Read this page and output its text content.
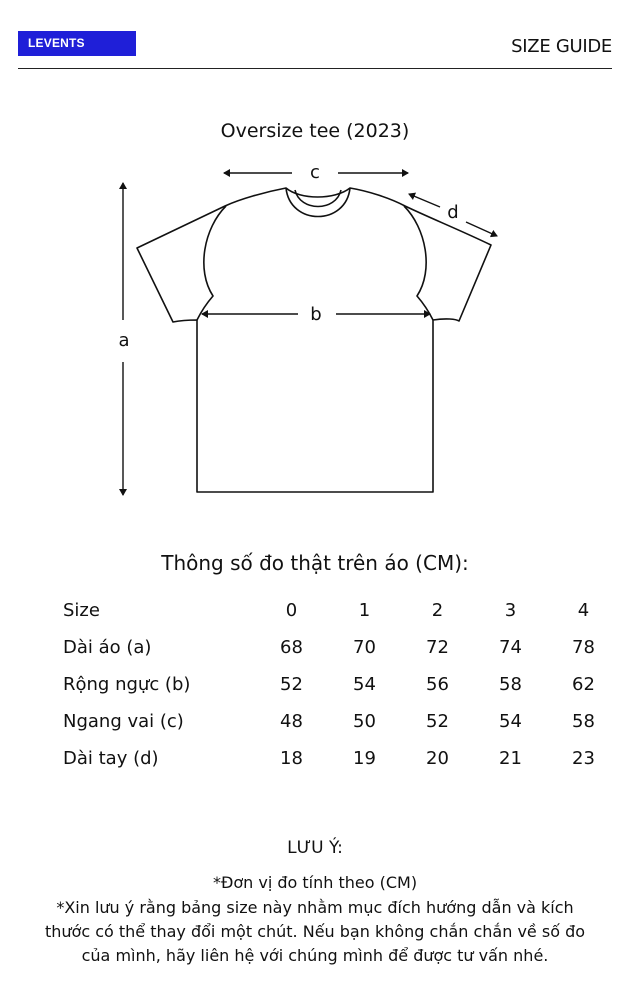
LEVENTS	SIZE GUIDE
Oversize tee (2023)
c
d
b
a
Thông số đo thật trên áo (CM):
Size	0	1	2	3	4
Dài áo (a)	68	70	72	74	78
Rộng ngực (b)	52	54	56	58	62
Ngang vai (c)	48	50	52	54	58
Dài tay (d)	18	19	20	21	23
LƯU Ý:
*Đơn vị đo tính theo (CM)
*Xin lưu ý rằng bảng size này nhằm mục đích hướng dẫn và kích
thước có thể thay đổi một chút. Nếu bạn không chắn chắn về số đo
của mình, hãy liên hệ với chúng mình để được tư vấn nhé.
